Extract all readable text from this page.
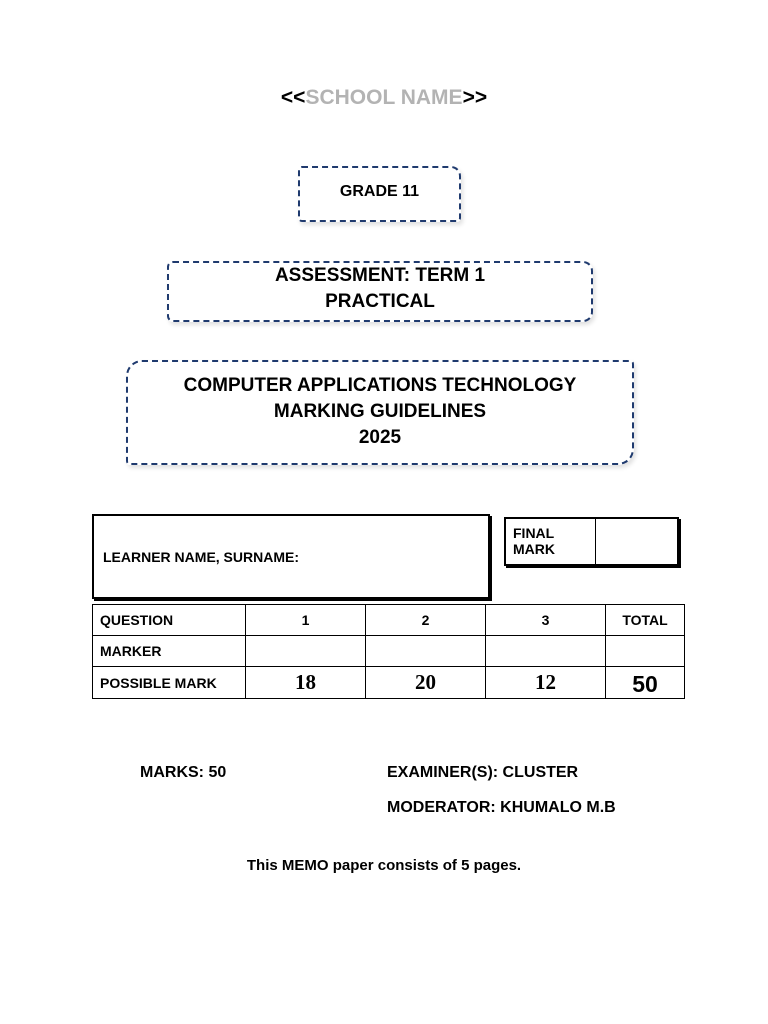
<<SCHOOL NAME>>
GRADE 11
ASSESSMENT: TERM 1
PRACTICAL
COMPUTER APPLICATIONS TECHNOLOGY
MARKING GUIDELINES
2025
LEARNER NAME, SURNAME:
FINAL
MARK
QUESTION	1	2	3	TOTAL
MARKER				
POSSIBLE MARK	18	20	12	50
MARKS: 50	EXAMINER(S): CLUSTER
MODERATOR: KHUMALO M.B
This MEMO paper consists of 5 pages.
